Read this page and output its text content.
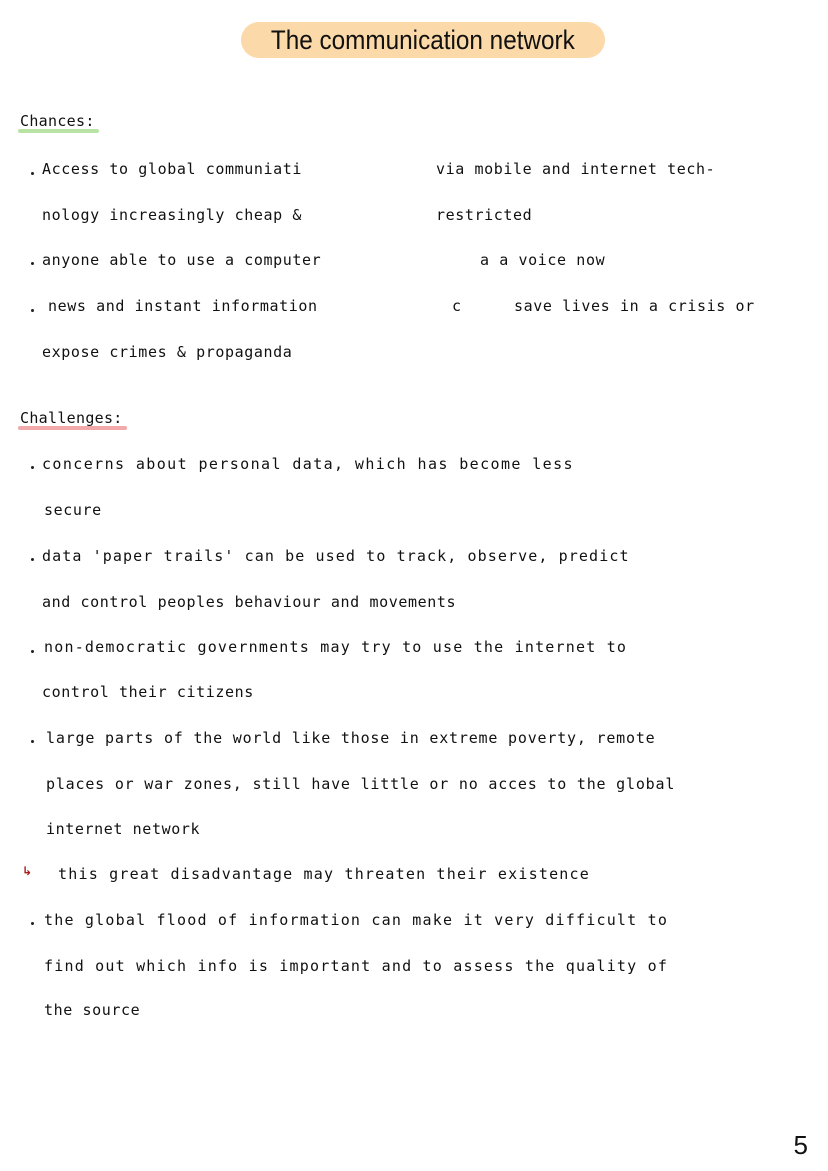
The communication network
Chances:
Access to global communiati	via mobile and internet tech-
nology increasingly cheap &	restricted
anyone able to use a computer	a a voice now
news and instant information	c	save lives in a crisis or
expose crimes & propaganda
Challenges:
concerns about personal data, which has become less
secure
data 'paper trails' can be used to track, observe, predict
and control peoples behaviour and movements
non-democratic governments may try to use the internet to
control their citizens
large parts of the world like those in extreme poverty, remote
places or war zones, still have little or no acces to the global
internet network
↳ this great disadvantage may threaten their existence
the global flood of information can make it very difficult to
find out which info is important and to assess the quality of
the source
5
